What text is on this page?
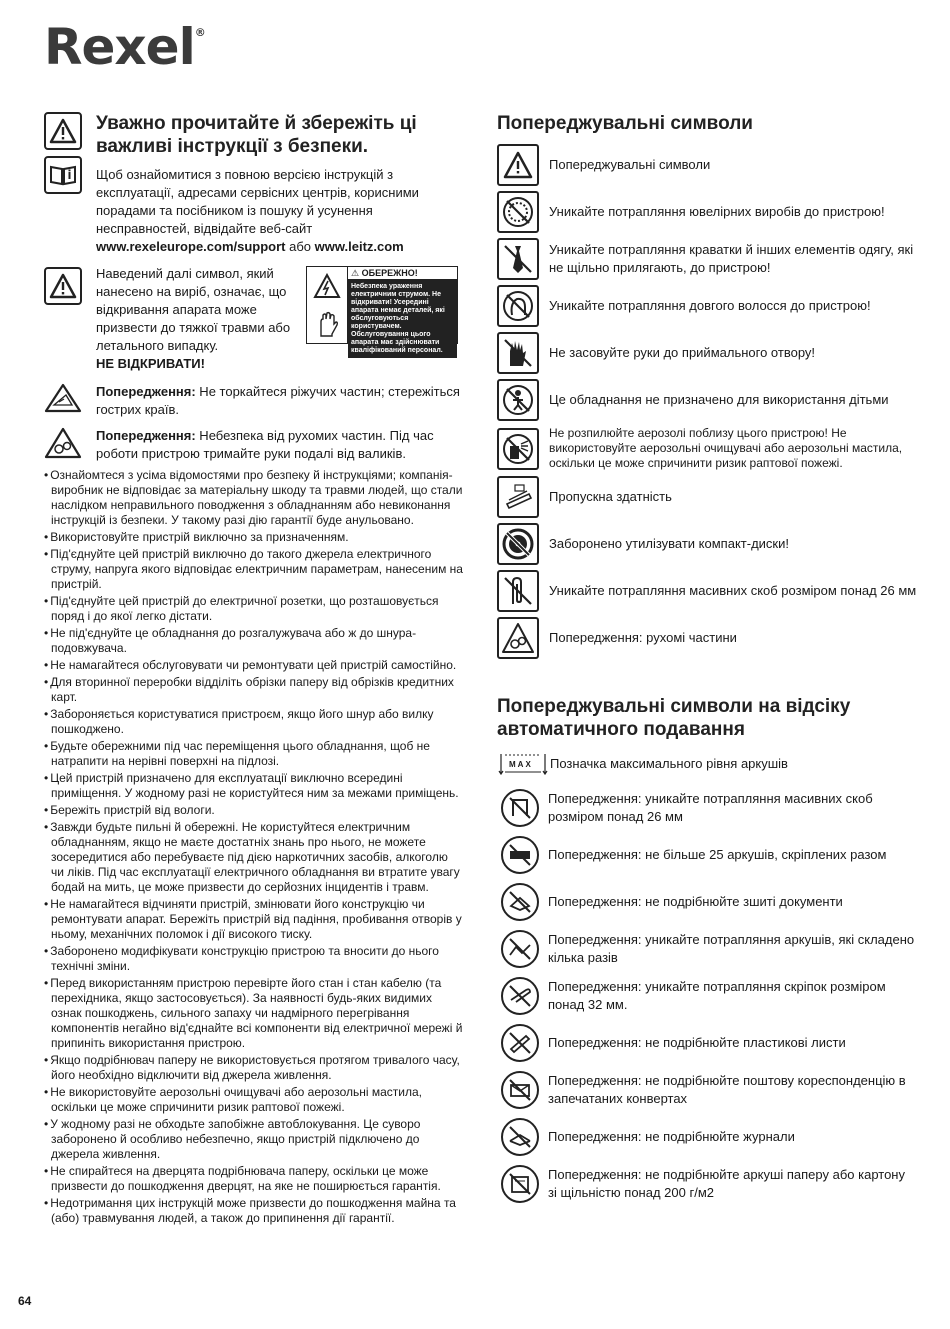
Rexel®
Уважно прочитайте й збережіть ці важливі інструкції з безпеки.
Щоб ознайомитися з повною версією інструкцій з експлуатації, адресами сервісних центрів, корисними порадами та посібником із пошуку й усунення несправностей, відвідайте веб-сайт
www.rexeleurope.com/support або www.leitz.com
Наведений далі символ, який нанесено на виріб, означає, що відкривання апарата може призвести до тяжкої травми або летального випадку.
НЕ ВІДКРИВАТИ!
⚠ ОБЕРЕЖНО!
Небезпека ураження електричним струмом. Не відкривати! Усередині апарата немає деталей, які обслуговуються користувачем. Обслуговування цього апарата має здійснювати кваліфікований персонал.
Попередження: Не торкайтеся ріжучих частин; стережіться гострих країв.
Попередження: Небезпека від рухомих частин. Під час роботи пристрою тримайте руки подалі від валиків.
• Ознайомтеся з усіма відомостями про безпеку й інструкціями; компанія-виробник не відповідає за матеріальну шкоду та травми людей, що стали наслідком неправильного поводження з обладнанням або невиконання інструкцій із безпеки. У такому разі дію гарантії буде анульовано.
• Використовуйте пристрій виключно за призначенням.
• Під'єднуйте цей пристрій виключно до такого джерела електричного струму, напруга якого відповідає електричним параметрам, нанесеним на пристрій.
• Під'єднуйте цей пристрій до електричної розетки, що розташовується поряд і до якої легко дістати.
• Не під'єднуйте це обладнання до розгалужувача або ж до шнура-подовжувача.
• Не намагайтеся обслуговувати чи ремонтувати цей пристрій самостійно.
• Для вторинної переробки відділіть обрізки паперу від обрізків кредитних карт.
• Забороняється користуватися пристроєм, якщо його шнур або вилку пошкоджено.
• Будьте обережними під час переміщення цього обладнання, щоб не натрапити на нерівні поверхні на підлозі.
• Цей пристрій призначено для експлуатації виключно всередині приміщення. У жодному разі не користуйтеся ним за межами приміщень.
• Бережіть пристрій від вологи.
• Завжди будьте пильні й обережні. Не користуйтеся електричним обладнанням, якщо не маєте достатніх знань про нього, не можете зосередитися або перебуваєте під дією наркотичних засобів, алкоголю чи ліків. Під час експлуатації електричного обладнання ви втратите увагу бодай на мить, це може призвести до серйозних інцидентів і травм.
• Не намагайтеся відчиняти пристрій, змінювати його конструкцію чи ремонтувати апарат. Бережіть пристрій від падіння, пробивання отворів у ньому, механічних поломок і дії високого тиску.
• Заборонено модифікувати конструкцію пристрою та вносити до нього технічні зміни.
• Перед використанням пристрою перевірте його стан і стан кабелю (та перехідника, якщо застосовується). За наявності будь-яких видимих ознак пошкоджень, сильного запаху чи надмірного перегрівання компонентів негайно від'єднайте всі компоненти від електричної мережі й припиніть використання пристрою.
• Якщо подрібнювач паперу не використовується протягом тривалого часу, його необхідно відключити від джерела живлення.
• Не використовуйте аерозольні очищувачі або аерозольні мастила, оскільки це може спричинити ризик раптової пожежі.
• У жодному разі не обходьте запобіжне автоблокування. Це суворо заборонено й особливо небезпечно, якщо пристрій підключено до джерела живлення.
• Не спирайтеся на дверцята подрібнювача паперу, оскільки це може призвести до пошкодження дверцят, на яке не поширюється гарантія.
• Недотримання цих інструкцій може призвести до пошкодження майна та (або) травмування людей, а також до припинення дії гарантії.
Попереджувальні символи
Попереджувальні символи
Уникайте потрапляння ювелірних виробів до пристрою!
Уникайте потрапляння краватки й інших елементів одягу, які не щільно прилягають, до пристрою!
Уникайте потрапляння довгого волосся до пристрою!
Не засовуйте руки до приймального отвору!
Це обладнання не призначено для використання дітьми
Не розпилюйте аерозолі поблизу цього пристрою! Не використовуйте аерозольні очищувачі або аерозольні мастила, оскільки це може спричинити ризик раптової пожежі.
Пропускна здатність
Заборонено утилізувати компакт-диски!
Уникайте потрапляння масивних скоб розміром понад 26 мм
Попередження: рухомі частини
Попереджувальні символи на відсіку автоматичного подавання
MAX Позначка максимального рівня аркушів
Попередження: уникайте потрапляння масивних скоб розміром понад 26 мм
Попередження: не більше 25 аркушів, скріплених разом
Попередження: не подрібнюйте зшиті документи
Попередження: уникайте потрапляння аркушів, які складено кілька разів
Попередження: уникайте потрапляння скріпок розміром понад 32 мм.
Попередження: не подрібнюйте пластикові листи
Попередження: не подрібнюйте поштову кореспонденцію в запечатаних конвертах
Попередження: не подрібнюйте журнали
Попередження: не подрібнюйте аркуші паперу або картону зі щільністю понад 200 г/м2
64
